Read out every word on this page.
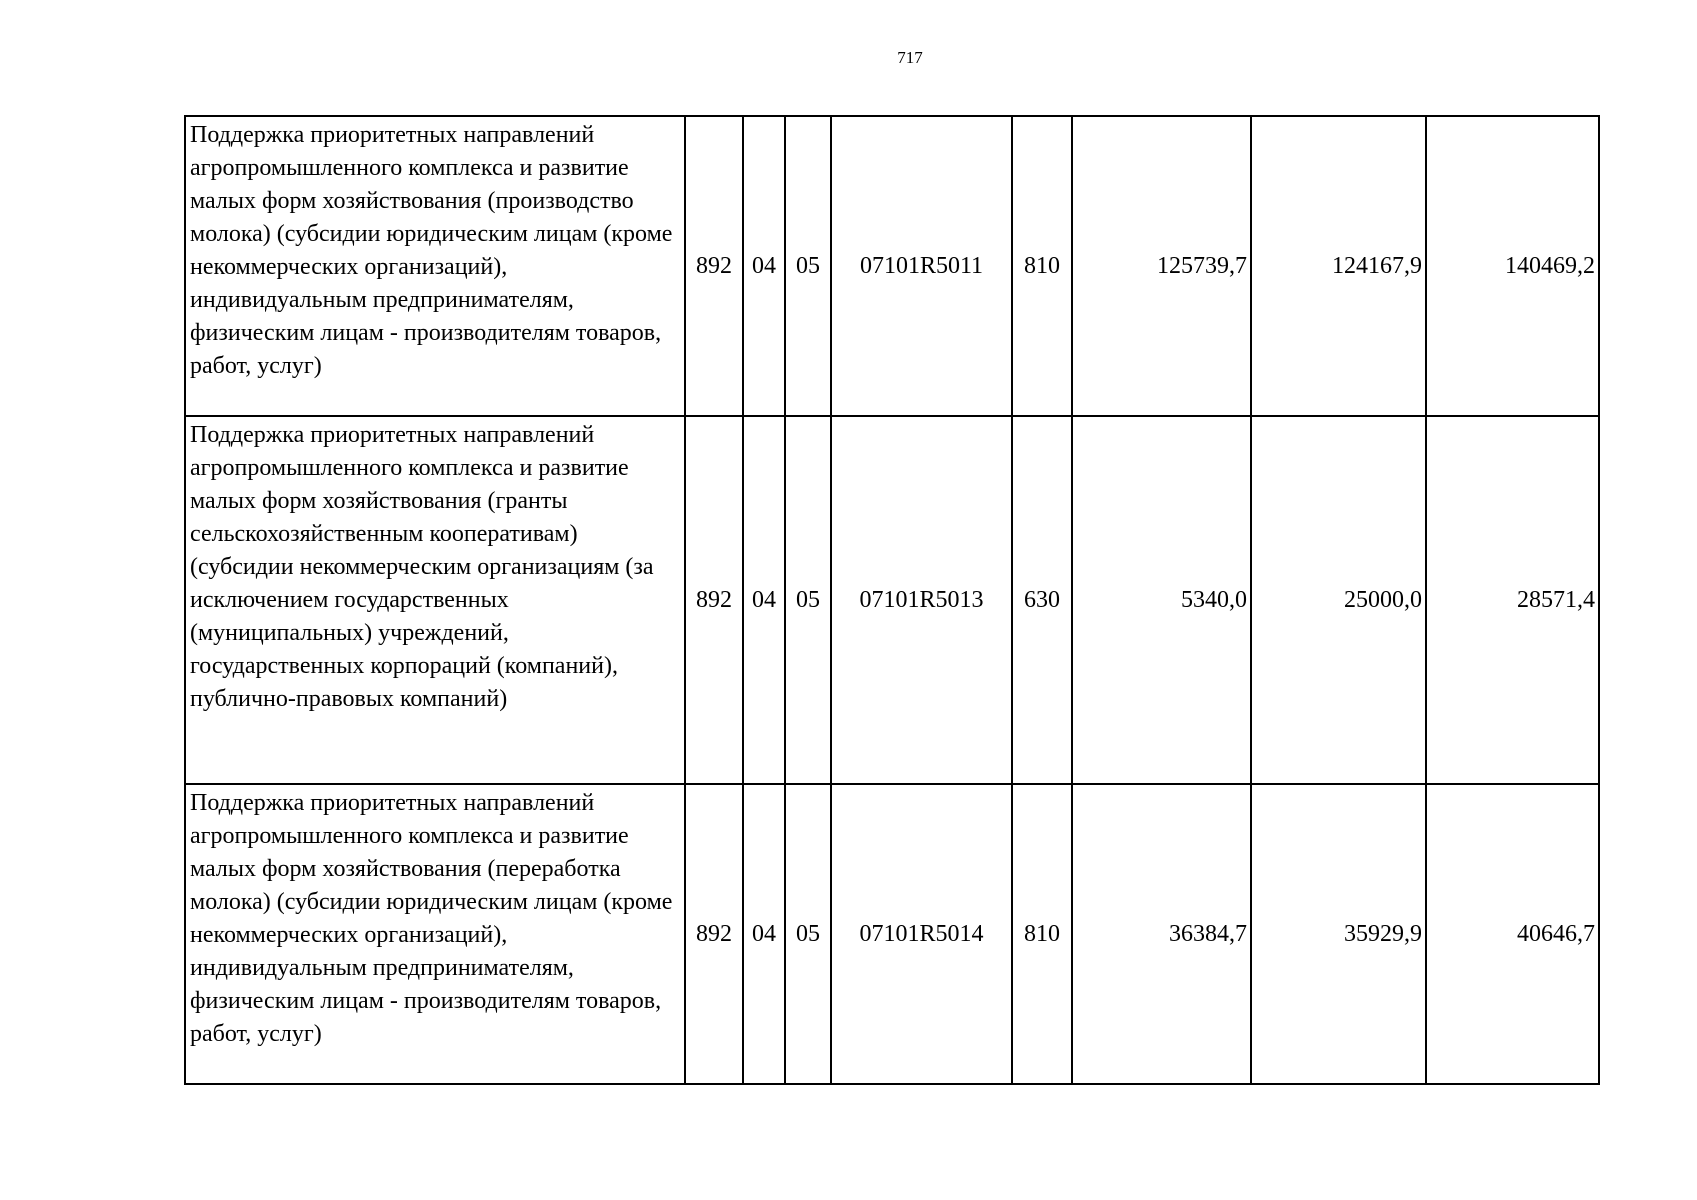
717
Поддержка приоритетных направлений агропромышленного комплекса и развитие малых форм хозяйствования (производство молока) (субсидии юридическим лицам (кроме некоммерческих организаций), индивидуальным предпринимателям, физическим лицам - производителям товаров, работ, услуг)	892	04	05	07101R5011	810	125739,7	124167,9	140469,2
Поддержка приоритетных направлений агропромышленного комплекса и развитие малых форм хозяйствования (гранты сельскохозяйственным кооперативам) (субсидии некоммерческим организациям (за исключением государственных (муниципальных) учреждений, государственных корпораций (компаний), публично-правовых компаний)	892	04	05	07101R5013	630	5340,0	25000,0	28571,4
Поддержка приоритетных направлений агропромышленного комплекса и развитие малых форм хозяйствования (переработка молока) (субсидии юридическим лицам (кроме некоммерческих организаций), индивидуальным предпринимателям, физическим лицам - производителям товаров, работ, услуг)	892	04	05	07101R5014	810	36384,7	35929,9	40646,7
